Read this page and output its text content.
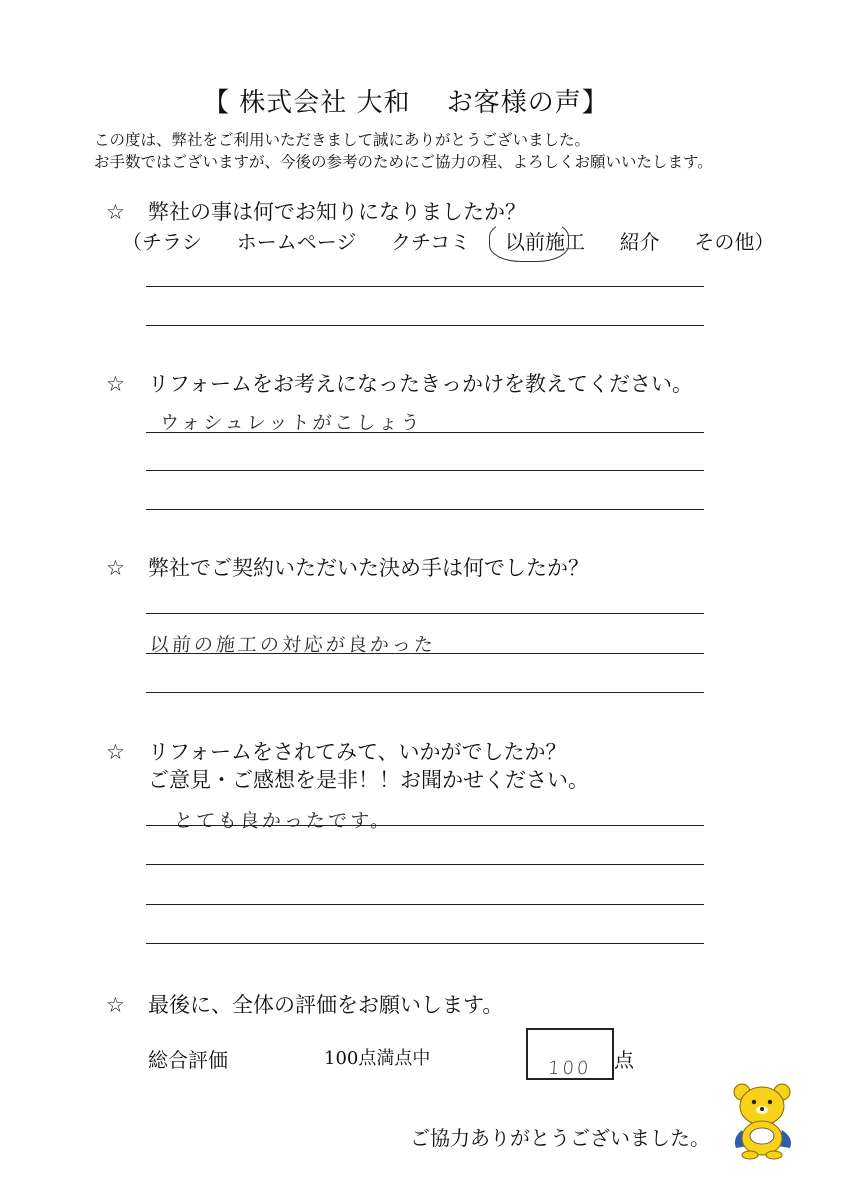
【 株式会社 大和　 お客様の声】
この度は、弊社をご利用いただきまして誠にありがとうございました。
お手数ではございますが、今後の参考のためにご協力の程、よろしくお願いいたします。
☆ 弊社の事は何でお知りになりましたか？
（チラシ ホームページ クチコミ 以前施工 紹介 その他）
☆ リフォームをお考えになったきっかけを教えてください。
ウォシュレットがこしょう
☆ 弊社でご契約いただいた決め手は何でしたか？
以前の施工の対応が良かった
☆ リフォームをされてみて、いかがでしたか？
ご意見・ご感想を是非！！お聞かせください。
とても良かったです。
☆ 最後に、全体の評価をお願いします。
総合評価	100点満点中	100 点
ご協力ありがとうございました。
